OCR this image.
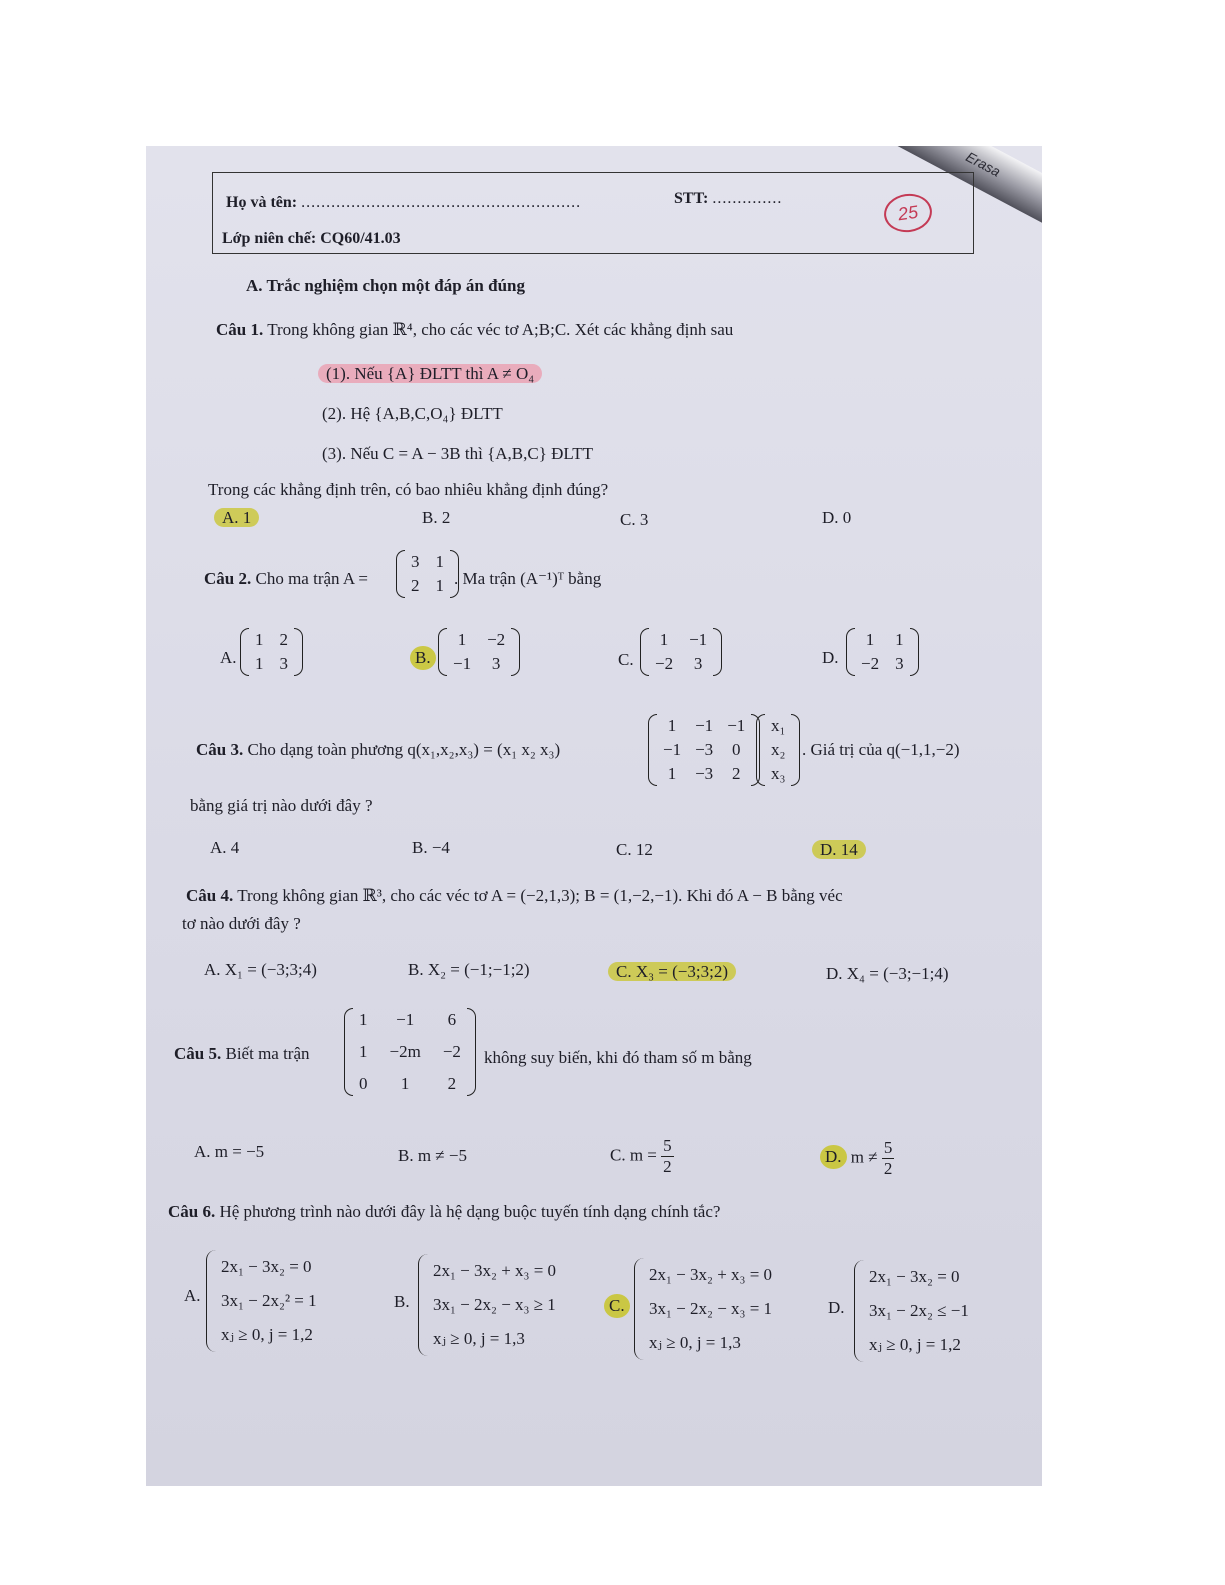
Erasa
Họ và tên: ........................................................	STT: ..............
25
Lớp niên chế: CQ60/41.03
A. Trắc nghiệm chọn một đáp án đúng
Câu 1. Trong không gian ℝ⁴, cho các véc tơ A;B;C. Xét các khẳng định sau
(1). Nếu {A} ĐLTT thì A ≠ O₄
(2). Hệ {A,B,C,O₄} ĐLTT
(3). Nếu C = A − 3B thì {A,B,C} ĐLTT
Trong các khẳng định trên, có bao nhiêu khẳng định đúng?
A. 1	B. 2	C. 3	D. 0
Câu 2. Cho ma trận A =
3 1
2 1 . Ma trận (A⁻¹)ᵀ bằng
A.
1 2
1 3	B.
1 −2
−1 3	C.
1 −1
−2 3	D.
1 1
−2 3
Câu 3. Cho dạng toàn phương q(x₁,x₂,x₃) = (x₁ x₂ x₃)
1 −1 −1
−1 −3 0
1 −3 2
x₁
x₂
x₃
. Giá trị của q(−1,1,−2)
bằng giá trị nào dưới đây ?
A. 4	B. −4	C. 12	D. 14
Câu 4. Trong không gian ℝ³, cho các véc tơ A = (−2,1,3); B = (1,−2,−1). Khi đó A − B bằng véc
tơ nào dưới đây ?
A. X₁ = (−3;3;4)	B. X₂ = (−1;−1;2)	C. X₃ = (−3;3;2)	D. X₄ = (−3;−1;4)
Câu 5. Biết ma trận
1	−1	6
1 −2m −2
0	1	2
không suy biến, khi đó tham số m bằng
A. m = −5	B. m ≠ −5	C. $m = \frac{5}{2}$	D. $m \ne \frac{5}{2}$
Câu 6. Hệ phương trình nào dưới đây là hệ dạng buộc tuyến tính dạng chính tắc?
A.
2x₁ − 3x₂ = 0
3x₁ − 2x₂² = 1
xⱼ ≥ 0, j = 1,2
B.
2x₁ − 3x₂ + x₃ = 0
3x₁ − 2x₂ − x₃ ≥ 1
xⱼ ≥ 0, j = 1,3
C.
2x₁ − 3x₂ + x₃ = 0
3x₁ − 2x₂ − x₃ = 1
xⱼ ≥ 0, j = 1,3
D.
2x₁ − 3x₂ = 0
3x₁ − 2x₂ ≤ −1
xⱼ ≥ 0, j = 1,2
